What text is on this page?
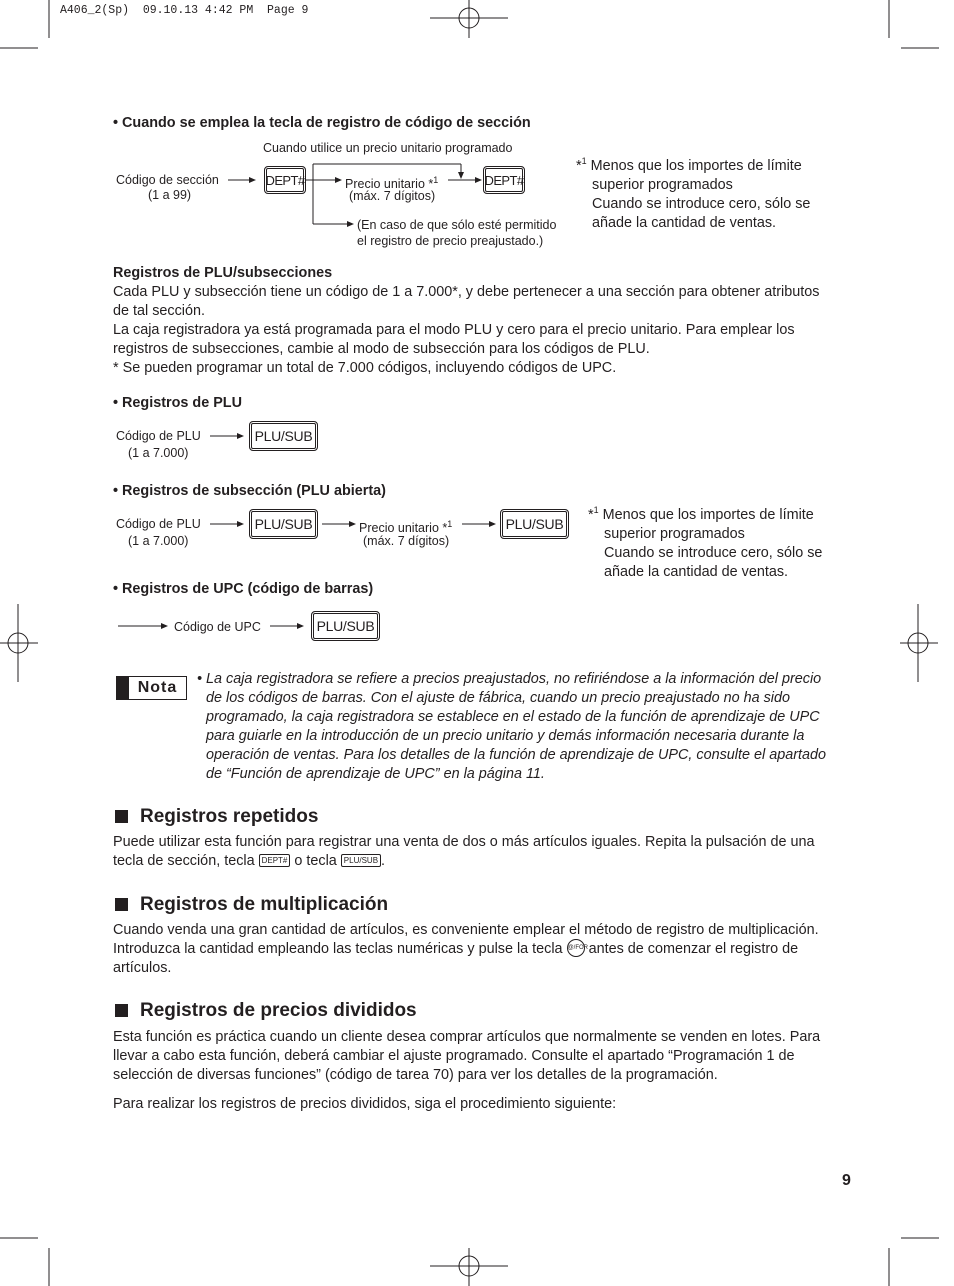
A406_2(Sp)  09.10.13 4:42 PM  Page 9
• Cuando se emplea la tecla de registro de código de sección
Cuando utilice un precio unitario programado
Código de sección
(1 a 99)
DEPT#	Precio unitario *$^1$
(máx. 7 dígitos)
DEPT#
(En caso de que sólo esté permitido
el registro de precio preajustado.)
*$^1$ Menos que los importes de límite
superior programados
Cuando se introduce cero, sólo se
añade la cantidad de ventas.
Registros de PLU/subsecciones
Cada PLU y subsección tiene un código de 1 a 7.000*, y debe pertenecer a una sección para obtener atributos
de tal sección.
La caja registradora ya está programada para el modo PLU y cero para el precio unitario. Para emplear los
registros de subsecciones, cambie al modo de subsección para los códigos de PLU.
* Se pueden programar un total de 7.000 códigos, incluyendo códigos de UPC.
• Registros de PLU
Código de PLU
(1 a 7.000)
PLU/SUB
• Registros de subsección (PLU abierta)
Código de PLU
(1 a 7.000)
PLU/SUB	Precio unitario *$^1$
(máx. 7 dígitos)
PLU/SUB
*$^1$ Menos que los importes de límite
superior programados
Cuando se introduce cero, sólo se
añade la cantidad de ventas.
• Registros de UPC (código de barras)
Código de UPC	PLU/SUB
Nota	• La caja registradora se refiere a precios preajustados, no refiriéndose a la información del precio
de los códigos de barras. Con el ajuste de fábrica, cuando un precio preajustado no ha sido
programado, la caja registradora se establece en el estado de la función de aprendizaje de UPC
para guiarle en la introducción de un precio unitario y demás información necesaria durante la
operación de ventas. Para los detalles de la función de aprendizaje de UPC, consulte el apartado
de “Función de aprendizaje de UPC” en la página 11.
Registros repetidos
Puede utilizar esta función para registrar una venta de dos o más artículos iguales. Repita la pulsación de una
tecla de sección, tecla DEPT# o tecla PLU/SUB .
Registros de multiplicación
Cuando venda una gran cantidad de artículos, es conveniente emplear el método de registro de multiplicación.
Introduzca la cantidad empleando las teclas numéricas y pulse la tecla @/FOR antes de comenzar el registro de
artículos.
Registros de precios divididos
Esta función es práctica cuando un cliente desea comprar artículos que normalmente se venden en lotes. Para
llevar a cabo esta función, deberá cambiar el ajuste programado. Consulte el apartado “Programación 1 de
selección de diversas funciones” (código de tarea 70) para ver los detalles de la programación.
Para realizar los registros de precios divididos, siga el procedimiento siguiente:
9
